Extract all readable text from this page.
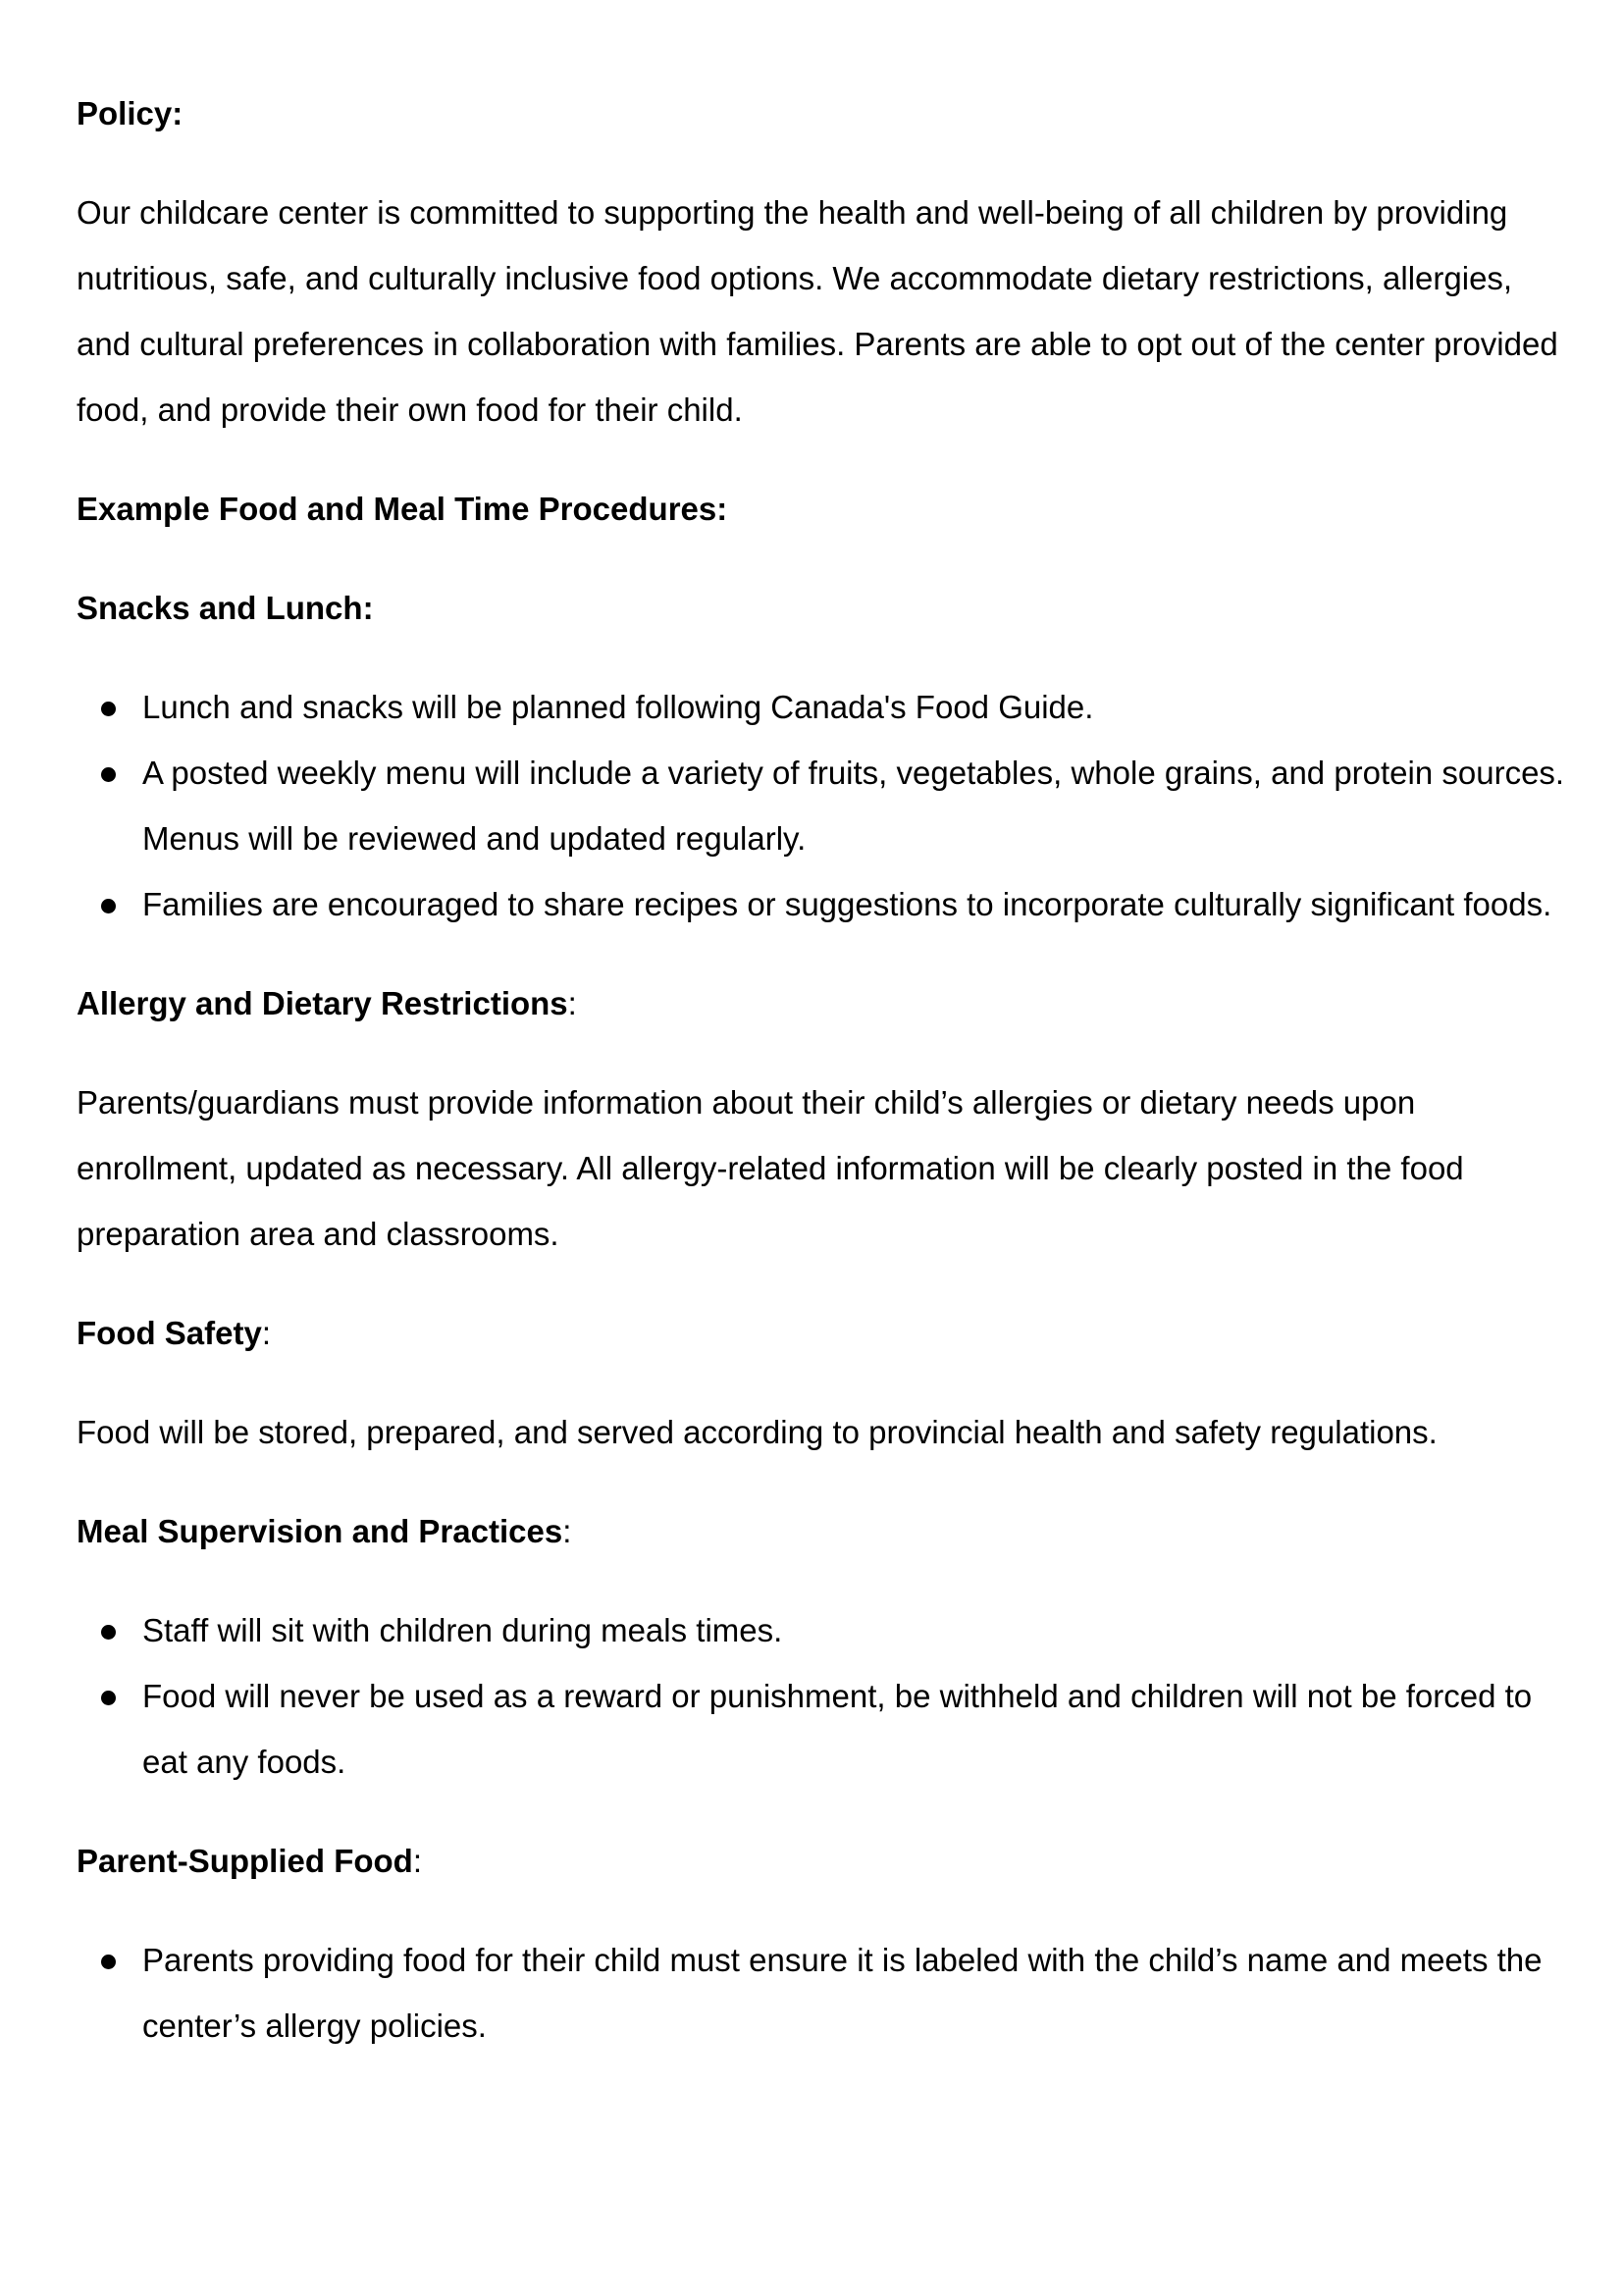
Policy:

Our childcare center is committed to supporting the health and well-being of all children by providing nutritious, safe, and culturally inclusive food options. We accommodate dietary restrictions, allergies, and cultural preferences in collaboration with families. Parents are able to opt out of the center provided food, and provide their own food for their child.

Example Food and Meal Time Procedures:
Snacks and Lunch:
Lunch and snacks will be planned following Canada's Food Guide.
A posted weekly menu will include a variety of fruits, vegetables, whole grains, and protein sources. Menus will be reviewed and updated regularly.
Families are encouraged to share recipes or suggestions to incorporate culturally significant foods.
Allergy and Dietary Restrictions:

Parents/guardians must provide information about their child’s allergies or dietary needs upon enrollment, updated as necessary. All allergy-related information will be clearly posted in the food preparation area and classrooms.

Food Safety:

Food will be stored, prepared, and served according to provincial health and safety regulations.

Meal Supervision and Practices:
Staff will sit with children during meals times.
Food will never be used as a reward or punishment, be withheld and children will not be forced to eat any foods.
Parent-Supplied Food:
Parents providing food for their child must ensure it is labeled with the child’s name and meets the center’s allergy policies.
